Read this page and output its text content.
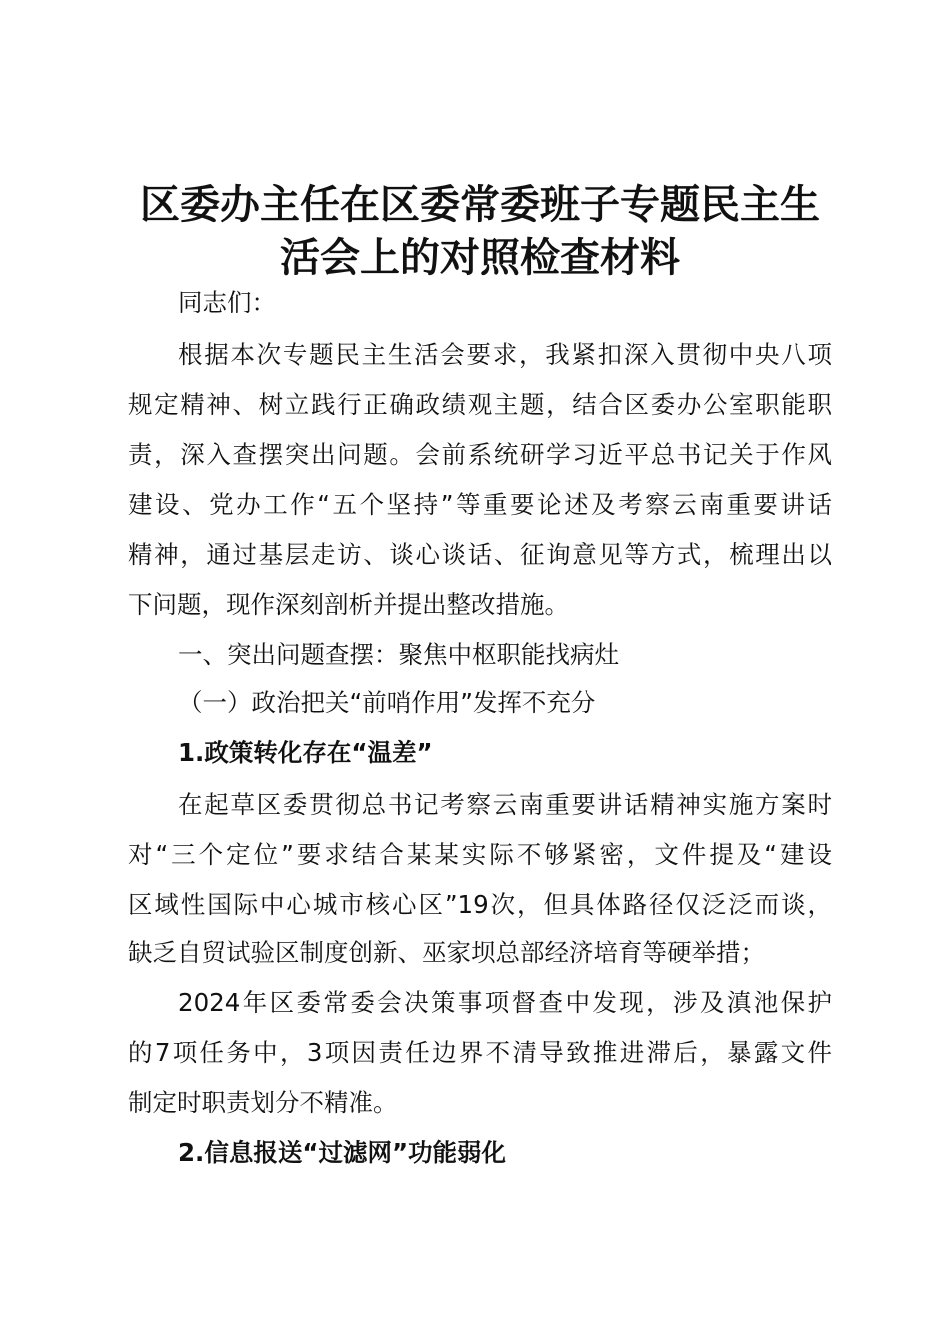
区委办主任在区委常委班子专题民主生
活会上的对照检查材料

同志们：

根据本次专题民主生活会要求，我紧扣深入贯彻中央八项

规定精神、树立践行正确政绩观主题，结合区委办公室职能职

责，深入查摆突出问题。会前系统研学习近平总书记关于作风

建设、党办工作“五个坚持”等重要论述及考察云南重要讲话

精神，通过基层走访、谈心谈话、征询意见等方式，梳理出以

下问题，现作深刻剖析并提出整改措施。

一、突出问题查摆：聚焦中枢职能找病灶

（一）政治把关“前哨作用”发挥不充分

1.政策转化存在“温差”

在起草区委贯彻总书记考察云南重要讲话精神实施方案时

对“三个定位”要求结合某某实际不够紧密，文件提及“建设

区域性国际中心城市核心区”19次，但具体路径仅泛泛而谈，

缺乏自贸试验区制度创新、巫家坝总部经济培育等硬举措；

2024年区委常委会决策事项督查中发现，涉及滇池保护

的7项任务中，3项因责任边界不清导致推进滞后，暴露文件

制定时职责划分不精准。

2.信息报送“过滤网”功能弱化
